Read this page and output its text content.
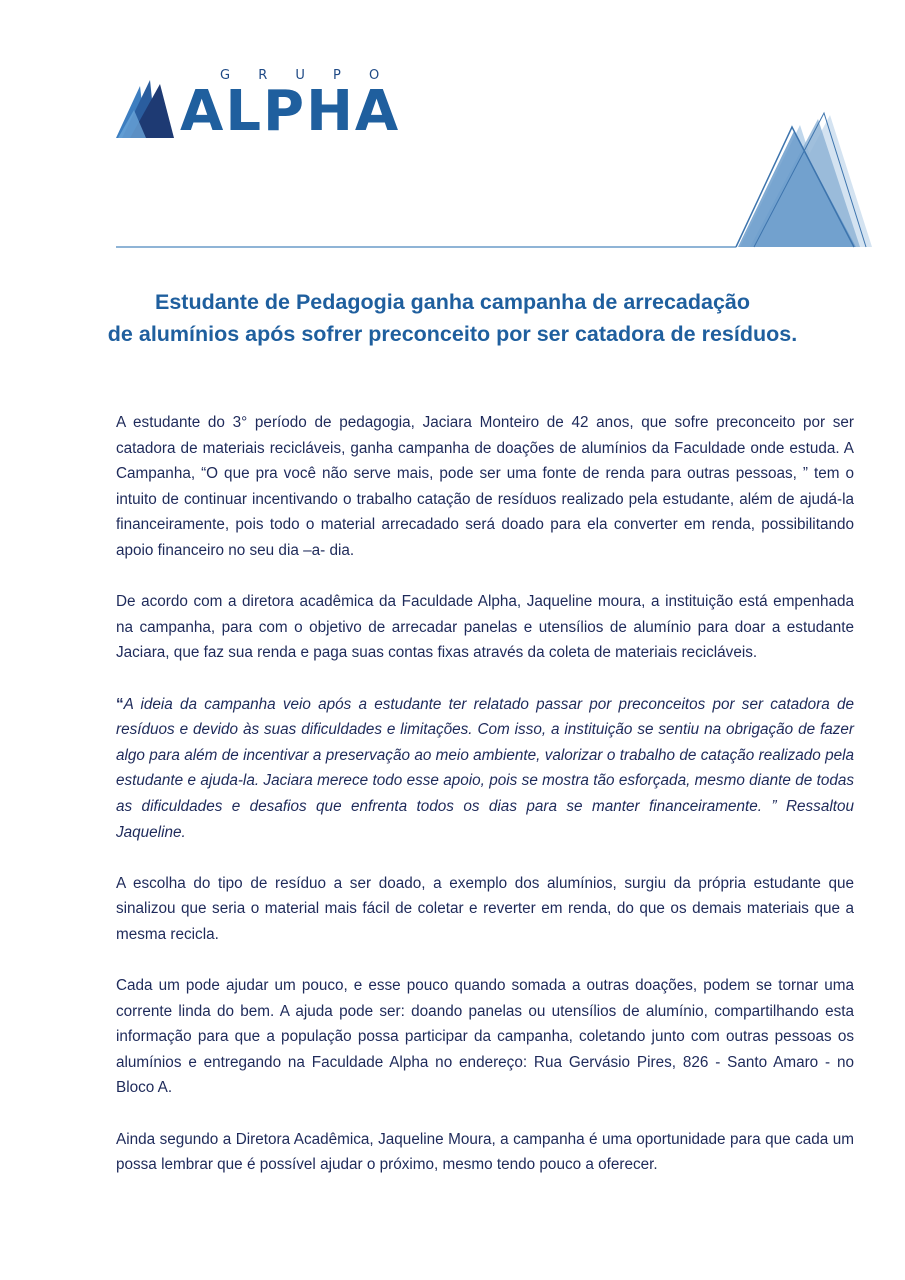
G R U P O
ALPHA
Estudante de Pedagogia ganha campanha de arrecadação
de alumínios após sofrer preconceito por ser catadora de resíduos.

A estudante do 3° período de pedagogia, Jaciara Monteiro de 42 anos, que sofre preconceito por ser catadora de materiais recicláveis, ganha campanha de doações de alumínios da Faculdade onde estuda. A Campanha, “O que pra você não serve mais, pode ser uma fonte de renda para outras pessoas, ” tem o intuito de continuar incentivando o trabalho catação de resíduos realizado pela estudante, além de ajudá-la financeiramente, pois todo o material arrecadado será doado para ela converter em renda, possibilitando apoio financeiro no seu dia –a- dia.

De acordo com a diretora acadêmica da Faculdade Alpha, Jaqueline moura, a instituição está empenhada na campanha, para com o objetivo de arrecadar panelas e utensílios de alumínio para doar a estudante Jaciara, que faz sua renda e paga suas contas fixas através da coleta de materiais recicláveis.

“A ideia da campanha veio após a estudante ter relatado passar por preconceitos por ser catadora de resíduos e devido às suas dificuldades e limitações. Com isso, a instituição se sentiu na obrigação de fazer algo para além de incentivar a preservação ao meio ambiente, valorizar o trabalho de catação realizado pela estudante e ajuda-la. Jaciara merece todo esse apoio, pois se mostra tão esforçada, mesmo diante de todas as dificuldades e desafios que enfrenta todos os dias para se manter financeiramente. ” Ressaltou Jaqueline.

A escolha do tipo de resíduo a ser doado, a exemplo dos alumínios, surgiu da própria estudante que sinalizou que seria o material mais fácil de coletar e reverter em renda, do que os demais materiais que a mesma recicla.

Cada um pode ajudar um pouco, e esse pouco quando somada a outras doações, podem se tornar uma corrente linda do bem. A ajuda pode ser: doando panelas ou utensílios de alumínio, compartilhando esta informação para que a população possa participar da campanha, coletando junto com outras pessoas os alumínios e entregando na Faculdade Alpha no endereço: Rua Gervásio Pires, 826 - Santo Amaro - no Bloco A.

Ainda segundo a Diretora Acadêmica, Jaqueline Moura, a campanha é uma oportunidade para que cada um possa lembrar que é possível ajudar o próximo, mesmo tendo pouco a oferecer.
